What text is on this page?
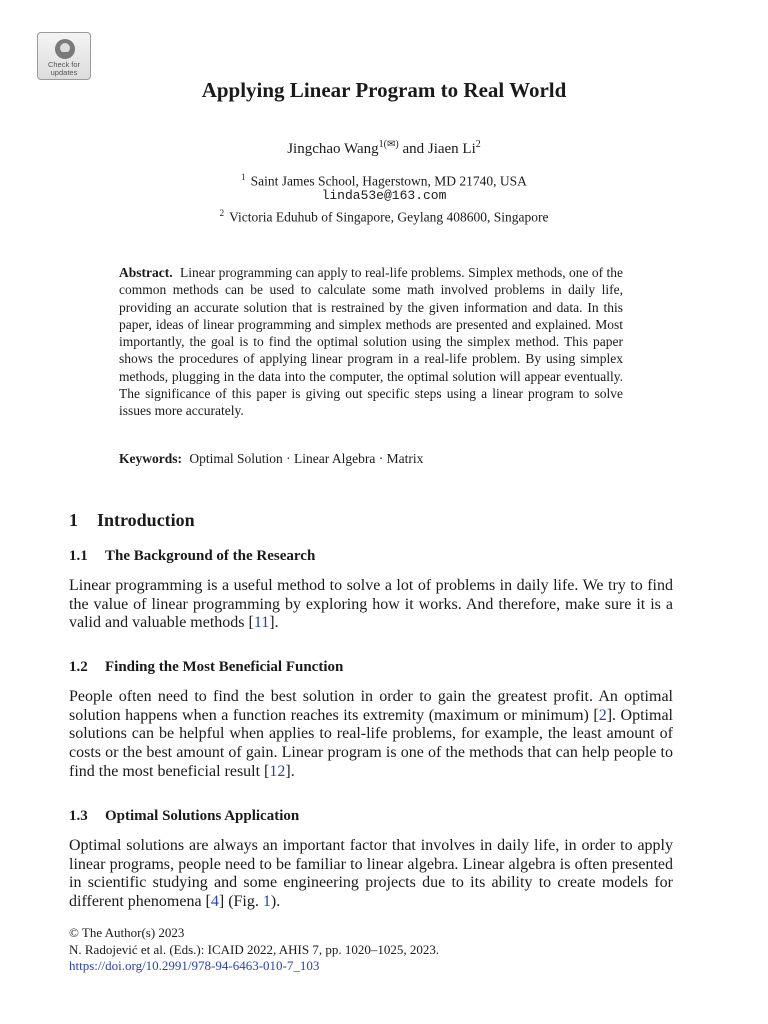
Check for
updates
Applying Linear Program to Real World
Jingchao Wang$^{1(✉)}$ and Jiaen Li$^2$
$^1$ Saint James School, Hagerstown, MD 21740, USA
linda53e@163.com
$^2$ Victoria Eduhub of Singapore, Geylang 408600, Singapore
Abstract. Linear programming can apply to real-life problems. Simplex methods, one of the common methods can be used to calculate some math involved problems in daily life, providing an accurate solution that is restrained by the given information and data. In this paper, ideas of linear programming and simplex methods are presented and explained. Most importantly, the goal is to find the optimal solution using the simplex method. This paper shows the procedures of applying linear program in a real-life problem. By using simplex methods, plugging in the data into the computer, the optimal solution will appear eventually. The significance of this paper is giving out specific steps using a linear program to solve issues more accurately.
Keywords: Optimal Solution · Linear Algebra · Matrix
1 Introduction
1.1 The Background of the Research
Linear programming is a useful method to solve a lot of problems in daily life. We try to find the value of linear programming by exploring how it works. And therefore, make sure it is a valid and valuable methods [11].
1.2 Finding the Most Beneficial Function
People often need to find the best solution in order to gain the greatest profit. An optimal solution happens when a function reaches its extremity (maximum or minimum) [2]. Optimal solutions can be helpful when applies to real-life problems, for example, the least amount of costs or the best amount of gain. Linear program is one of the methods that can help people to find the most beneficial result [12].
1.3 Optimal Solutions Application
Optimal solutions are always an important factor that involves in daily life, in order to apply linear programs, people need to be familiar to linear algebra. Linear algebra is often presented in scientific studying and some engineering projects due to its ability to create models for different phenomena [4] (Fig. 1).
© The Author(s) 2023
N. Radojević et al. (Eds.): ICAID 2022, AHIS 7, pp. 1020–1025, 2023.
https://doi.org/10.2991/978-94-6463-010-7_103
